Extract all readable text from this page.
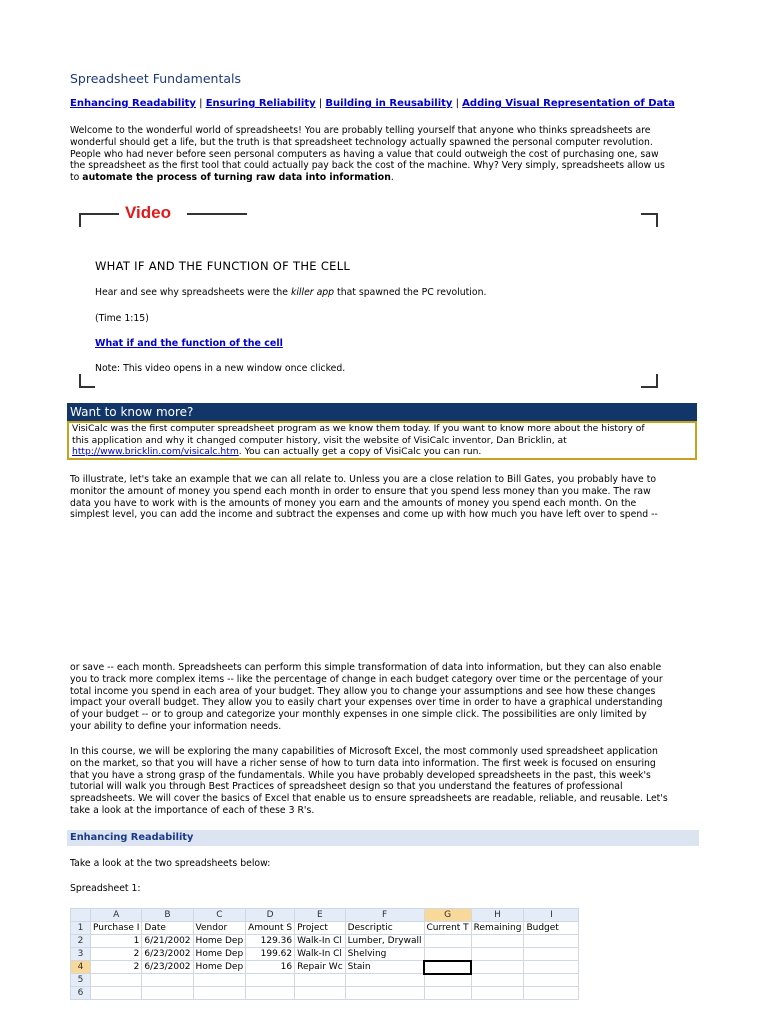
Spreadsheet Fundamentals
Enhancing Readability | Ensuring Reliability | Building in Reusability | Adding Visual Representation of Data
Welcome to the wonderful world of spreadsheets! You are probably telling yourself that anyone who thinks spreadsheets are
wonderful should get a life, but the truth is that spreadsheet technology actually spawned the personal computer revolution.
People who had never before seen personal computers as having a value that could outweigh the cost of purchasing one, saw
the spreadsheet as the first tool that could actually pay back the cost of the machine. Why? Very simply, spreadsheets allow us
to automate the process of turning raw data into information.
Video
WHAT IF AND THE FUNCTION OF THE CELL
Hear and see why spreadsheets were the killer app that spawned the PC revolution.
(Time 1:15)
What if and the function of the cell
Note: This video opens in a new window once clicked.
Want to know more?
VisiCalc was the first computer spreadsheet program as we know them today. If you want to know more about the history of
this application and why it changed computer history, visit the website of VisiCalc inventor, Dan Bricklin, at
http://www.bricklin.com/visicalc.htm. You can actually get a copy of VisiCalc you can run.
To illustrate, let's take an example that we can all relate to. Unless you are a close relation to Bill Gates, you probably have to
monitor the amount of money you spend each month in order to ensure that you spend less money than you make. The raw
data you have to work with is the amounts of money you earn and the amounts of money you spend each month. On the
simplest level, you can add the income and subtract the expenses and come up with how much you have left over to spend --
or save -- each month. Spreadsheets can perform this simple transformation of data into information, but they can also enable
you to track more complex items -- like the percentage of change in each budget category over time or the percentage of your
total income you spend in each area of your budget. They allow you to change your assumptions and see how these changes
impact your overall budget. They allow you to easily chart your expenses over time in order to have a graphical understanding
of your budget -- or to group and categorize your monthly expenses in one simple click. The possibilities are only limited by
your ability to define your information needs.
In this course, we will be exploring the many capabilities of Microsoft Excel, the most commonly used spreadsheet application
on the market, so that you will have a richer sense of how to turn data into information. The first week is focused on ensuring
that you have a strong grasp of the fundamentals. While you have probably developed spreadsheets in the past, this week's
tutorial will walk you through Best Practices of spreadsheet design so that you understand the features of professional
spreadsheets. We will cover the basics of Excel that enable us to ensure spreadsheets are readable, reliable, and reusable. Let's
take a look at the importance of each of these 3 R's.
Enhancing Readability
Take a look at the two spreadsheets below:
Spreadsheet 1:
	A	B	C	D	E	F	G	H	I
1	Purchase I	Date	Vendor	Amount S	Project	Descriptic	Current T	Remaining	Budget
2	1	6/21/2002	Home Dep	129.36	Walk-In Cl	Lumber, Drywall			
3	2	6/23/2002	Home Dep	199.62	Walk-In Cl	Shelving			
4	2	6/23/2002	Home Dep	16	Repair Wc	Stain			
5									
6									
